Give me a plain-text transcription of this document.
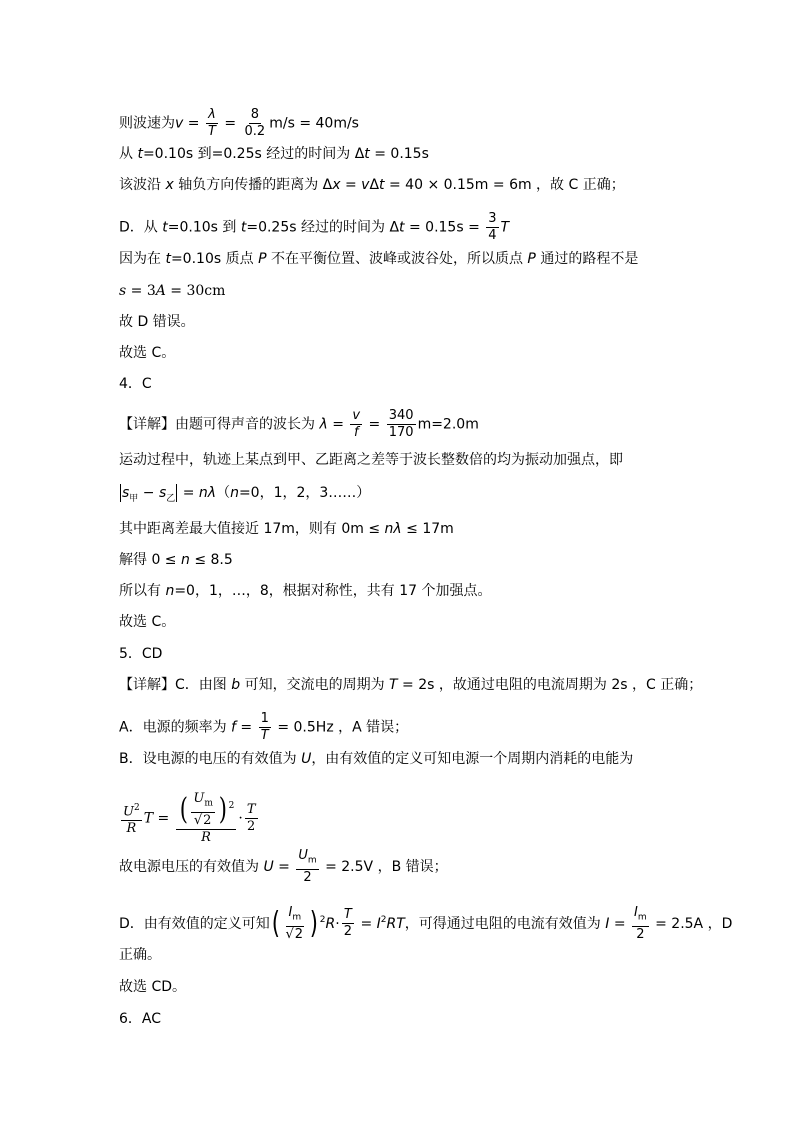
则波速为$v = \frac{\lambda}{T} = \frac{8}{0.2} m/s = 40m/s$
从 t=0.10s 到=0.25s 经过的时间为 Δt = 0.15s
该波沿 x 轴负方向传播的距离为 Δx = vΔt = 40 × 0.15m = 6m ，故 C 正确；
D．从 t=0.10s 到 t=0.25s 经过的时间为 $\Delta t = 0.15s = \frac{3}{4}$ T
因为在 t=0.10s 质点 P 不在平衡位置、波峰或波谷处，所以质点 P 通过的路程不是
s = 3A = 30cm
故 D 错误。
故选 C。
4．C
【详解】由题可得声音的波长为 $\lambda = \frac{v}{f} = \frac{340}{170} m=2.0m$
运动过程中，轨迹上某点到甲、乙距离之差等于波长整数倍的均为振动加强点，即
$s_甲 - s_乙 = n\lambda(n=0$，1，2，3……）
其中距离差最大值接近 17m，则有 0m ≤ nλ ≤ 17m
解得 0 ≤ n ≤ 8.5
所以有 n=0，1，…，8，根据对称性，共有 17 个加强点。
故选 C。
5．CD
【详解】C．由图 b 可知，交流电的周期为 T = 2s ，故通过电阻的电流周期为 2s ，C 正确；
A．电源的频率为 $f = \frac{1}{T} = 0.5Hz$ ，A 错误；
B．设电源的电压的有效值为 U，由有效值的定义可知电源一个周期内消耗的电能为
$\frac{U^2}{R}$ $T = \frac{( \frac{U_m}{√2} ) ^2}{R} \cdot \frac{T}{2}$
故电源电压的有效值为 $U = \frac{U_m}{2} = 2.5V$ ，B 错误；
D．由有效值的定义可知( $\frac{I_m}{√2}$ ) $^2R\cdot \frac{T}{2} = I^2RT$，可得通过电阻的电流有效值为 $I = \frac{I_m}{2} = 2.5A$ ，D
正确。
故选 CD。
6．AC
